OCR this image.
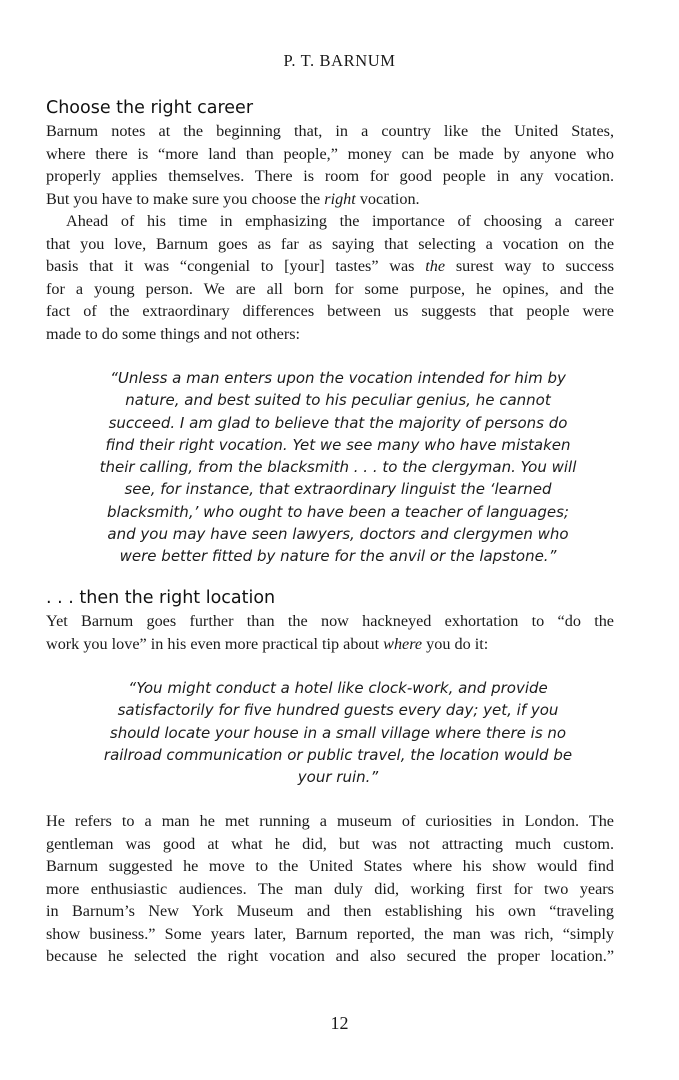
P. T. BARNUM
Choose the right career
Barnum notes at the beginning that, in a country like the United States,
where there is “more land than people,” money can be made by anyone who
properly applies themselves. There is room for good people in any vocation.
But you have to make sure you choose the right vocation.
Ahead of his time in emphasizing the importance of choosing a career
that you love, Barnum goes as far as saying that selecting a vocation on the
basis that it was “congenial to [your] tastes” was the surest way to success
for a young person. We are all born for some purpose, he opines, and the
fact of the extraordinary differences between us suggests that people were
made to do some things and not others:
“Unless a man enters upon the vocation intended for him by
nature, and best suited to his peculiar genius, he cannot
succeed. I am glad to believe that the majority of persons do
find their right vocation. Yet we see many who have mistaken
their calling, from the blacksmith . . . to the clergyman. You will
see, for instance, that extraordinary linguist the ‘learned
blacksmith,’ who ought to have been a teacher of languages;
and you may have seen lawyers, doctors and clergymen who
were better fitted by nature for the anvil or the lapstone.”
. . . then the right location
Yet Barnum goes further than the now hackneyed exhortation to “do the
work you love” in his even more practical tip about where you do it:
“You might conduct a hotel like clock-work, and provide
satisfactorily for five hundred guests every day; yet, if you
should locate your house in a small village where there is no
railroad communication or public travel, the location would be
your ruin.”
He refers to a man he met running a museum of curiosities in London. The
gentleman was good at what he did, but was not attracting much custom.
Barnum suggested he move to the United States where his show would find
more enthusiastic audiences. The man duly did, working first for two years
in Barnum’s New York Museum and then establishing his own “traveling
show business.” Some years later, Barnum reported, the man was rich, “simply
because he selected the right vocation and also secured the proper location.”
12
